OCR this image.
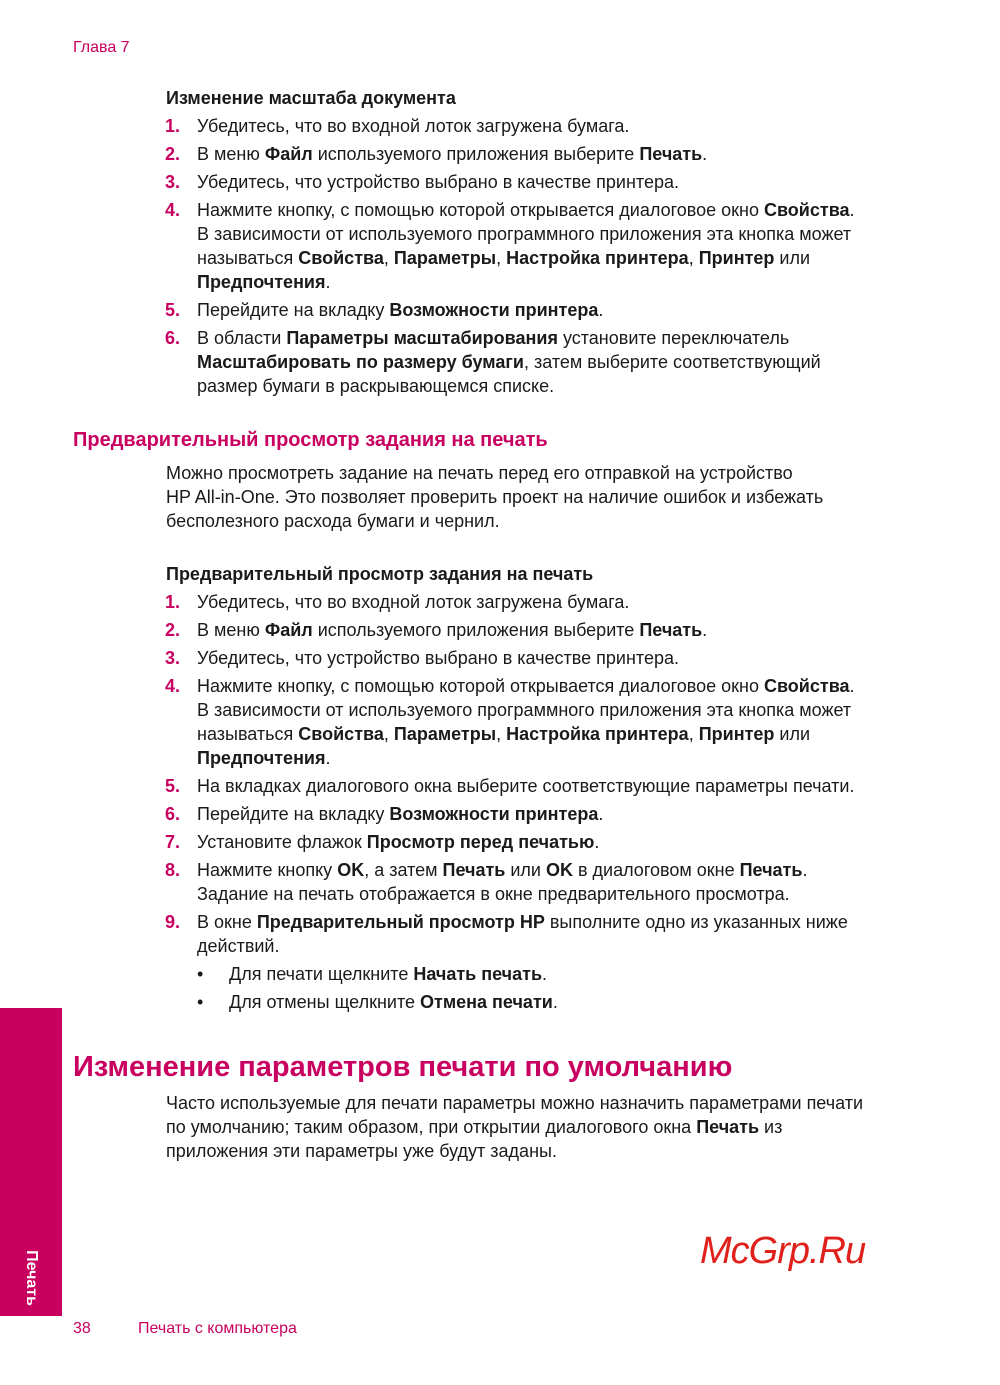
Глава 7
Изменение масштаба документа
1. Убедитесь, что во входной лоток загружена бумага.
2. В меню Файл используемого приложения выберите Печать.
3. Убедитесь, что устройство выбрано в качестве принтера.
4. Нажмите кнопку, с помощью которой открывается диалоговое окно Свойства.
В зависимости от используемого программного приложения эта кнопка может
называться Свойства, Параметры, Настройка принтера, Принтер или
Предпочтения.
5. Перейдите на вкладку Возможности принтера.
6. В области Параметры масштабирования установите переключатель
Масштабировать по размеру бумаги, затем выберите соответствующий
размер бумаги в раскрывающемся списке.
Предварительный просмотр задания на печать
Можно просмотреть задание на печать перед его отправкой на устройство
HP All-in-One. Это позволяет проверить проект на наличие ошибок и избежать
бесполезного расхода бумаги и чернил.
Предварительный просмотр задания на печать
1. Убедитесь, что во входной лоток загружена бумага.
2. В меню Файл используемого приложения выберите Печать.
3. Убедитесь, что устройство выбрано в качестве принтера.
4. Нажмите кнопку, с помощью которой открывается диалоговое окно Свойства.
В зависимости от используемого программного приложения эта кнопка может
называться Свойства, Параметры, Настройка принтера, Принтер или
Предпочтения.
5. На вкладках диалогового окна выберите соответствующие параметры печати.
6. Перейдите на вкладку Возможности принтера.
7. Установите флажок Просмотр перед печатью.
8. Нажмите кнопку OK, а затем Печать или OK в диалоговом окне Печать.
Задание на печать отображается в окне предварительного просмотра.
9. В окне Предварительный просмотр HP выполните одно из указанных ниже
действий.
• Для печати щелкните Начать печать.
• Для отмены щелкните Отмена печати.
Изменение параметров печати по умолчанию
Часто используемые для печати параметры можно назначить параметрами печати
по умолчанию; таким образом, при открытии диалогового окна Печать из
приложения эти параметры уже будут заданы.
Печать
38	Печать с компьютера
McGrp.Ru
